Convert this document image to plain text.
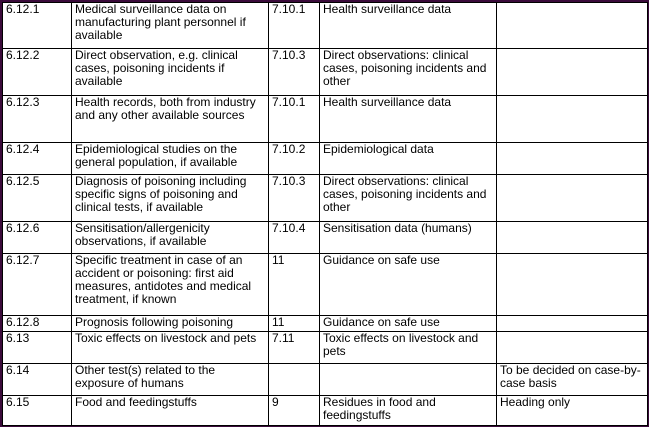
6.12.1	Medical surveillance data on manufacturing plant personnel if available	7.10.1	Health surveillance data	
6.12.2	Direct observation, e.g. clinical cases, poisoning incidents if available	7.10.3	Direct observations: clinical cases, poisoning incidents and other	
6.12.3	Health records, both from industry and any other available sources	7.10.1	Health surveillance data	
6.12.4	Epidemiological studies on the general population, if available	7.10.2	Epidemiological data	
6.12.5	Diagnosis of poisoning including specific signs of poisoning and clinical tests, if available	7.10.3	Direct observations: clinical cases, poisoning incidents and other	
6.12.6	Sensitisation/allergenicity observations, if available	7.10.4	Sensitisation data (humans)	
6.12.7	Specific treatment in case of an accident or poisoning: first aid measures, antidotes and medical treatment, if known	11	Guidance on safe use	
6.12.8	Prognosis following poisoning	11	Guidance on safe use	
6.13	Toxic effects on livestock and pets	7.11	Toxic effects on livestock and pets	
6.14	Other test(s) related to the exposure of humans			To be decided on case-by-case basis
6.15	Food and feedingstuffs	9	Residues in food and feedingstuffs	Heading only
